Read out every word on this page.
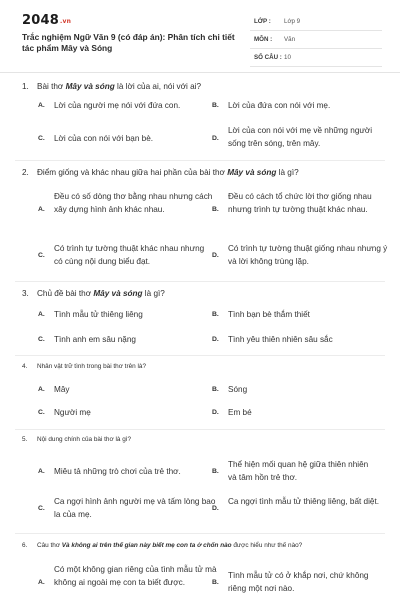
2048.vn
Trắc nghiệm Ngữ Văn 9 (có đáp án): Phân tích chi tiết tác phẩm Mây và Sóng
LỚP : Lớp 9
MÔN : Văn
SỐ CÂU : 10
1. Bài thơ Mây và sóng là lời của ai, nói với ai?
A. Lời của người mẹ nói với đứa con.	B. Lời của đứa con nói với mẹ.
C. Lời của con nói với bạn bè.	D.
Lời của con nói với mẹ về những người sống trên sóng, trên mây.
2. Điểm giống và khác nhau giữa hai phần của bài thơ Mây và sóng là gì?
A.
Đều có số dòng thơ bằng nhau nhưng cách xây dựng hình ảnh khác nhau.	B.
Đều có cách tổ chức lời thơ giống nhau nhưng trình tự tường thuật khác nhau.
C.
Có trình tự tường thuật khác nhau nhưng có cùng nội dung biểu đạt.
D.
Có trình tự tường thuật giống nhau nhưng ý và lời không trùng lặp.
3. Chủ đề bài thơ Mây và sóng là gì?
A. Tình mẫu tử thiêng liêng	B. Tình bạn bè thắm thiết
C. Tình anh em sâu nặng	D. Tình yêu thiên nhiên sâu sắc
4. Nhân vật trữ tình trong bài thơ trên là?
A. Mây	B. Sóng
C. Người mẹ	D. Em bé
5. Nội dung chính của bài thơ là gì?
A. Miêu tả những trò chơi của trẻ thơ.	B.
Thể hiện mối quan hệ giữa thiên nhiên và tâm hồn trẻ thơ.
C.
Ca ngợi hình ảnh người mẹ và tấm lòng bao la của mẹ.
D.
Ca ngợi tình mẫu tử thiêng liêng, bất diệt.
6. Câu thơ Và không ai trên thế gian này biết mẹ con ta ở chốn nào được hiểu như thế nào?
A.
Có một không gian riêng của tình mẫu tử mà không ai ngoài mẹ con ta biết được.	B.
Tình mẫu tử có ở khắp nơi, chứ không riêng một nơi nào.
